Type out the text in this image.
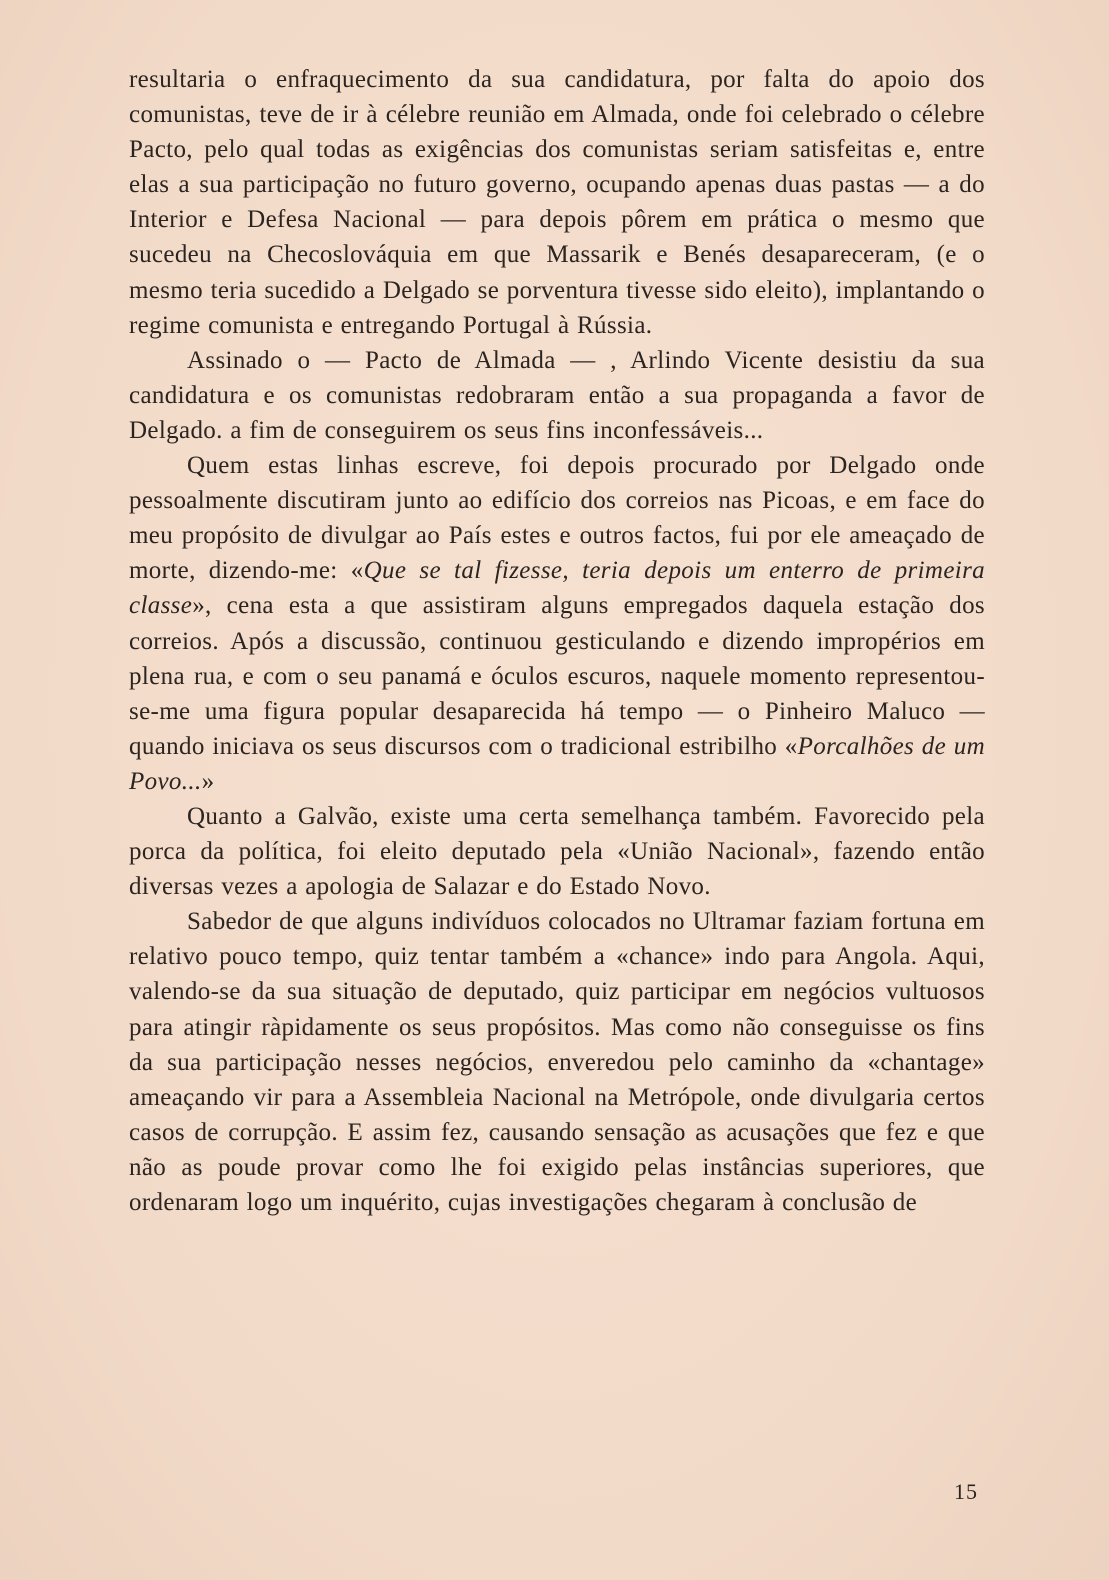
resultaria o enfraquecimento da sua candidatura, por falta do apoio dos comunistas, teve de ir à célebre reunião em Almada, onde foi celebrado o célebre Pacto, pelo qual todas as exigências dos comunistas seriam satisfeitas e, entre elas a sua participação no futuro governo, ocupando apenas duas pastas — a do Interior e Defesa Nacional — para depois pôrem em prática o mesmo que sucedeu na Checoslováquia em que Massarik e Benés desapareceram, (e o mesmo teria sucedido a Delgado se porventura tivesse sido eleito), implantando o regime comunista e entregando Portugal à Rússia.

Assinado o — Pacto de Almada — , Arlindo Vicente desistiu da sua candidatura e os comunistas redobraram então a sua propaganda a favor de Delgado. a fim de conseguirem os seus fins inconfessáveis...

Quem estas linhas escreve, foi depois procurado por Delgado onde pessoalmente discutiram junto ao edifício dos correios nas Picoas, e em face do meu propósito de divulgar ao País estes e outros factos, fui por ele ameaçado de morte, dizendo-me: «Que se tal fizesse, teria depois um enterro de primeira classe», cena esta a que assistiram alguns empregados daquela estação dos correios. Após a discussão, continuou gesticulando e dizendo impropérios em plena rua, e com o seu panamá e óculos escuros, naquele momento representou-se-me uma figura popular desaparecida há tempo — o Pinheiro Maluco — quando iniciava os seus discursos com o tradicional estribilho «Porcalhões de um Povo...»

Quanto a Galvão, existe uma certa semelhança também. Favorecido pela porca da política, foi eleito deputado pela «União Nacional», fazendo então diversas vezes a apologia de Salazar e do Estado Novo.

Sabedor de que alguns indivíduos colocados no Ultramar faziam fortuna em relativo pouco tempo, quiz tentar também a «chance» indo para Angola. Aqui, valendo-se da sua situação de deputado, quiz participar em negócios vultuosos para atingir ràpidamente os seus propósitos. Mas como não conseguisse os fins da sua participação nesses negócios, enveredou pelo caminho da «chantage» ameaçando vir para a Assembleia Nacional na Metrópole, onde divulgaria certos casos de corrupção. E assim fez, causando sensação as acusações que fez e que não as poude provar como lhe foi exigido pelas instâncias superiores, que ordenaram logo um inquérito, cujas investigações chegaram à conclusão de

15
